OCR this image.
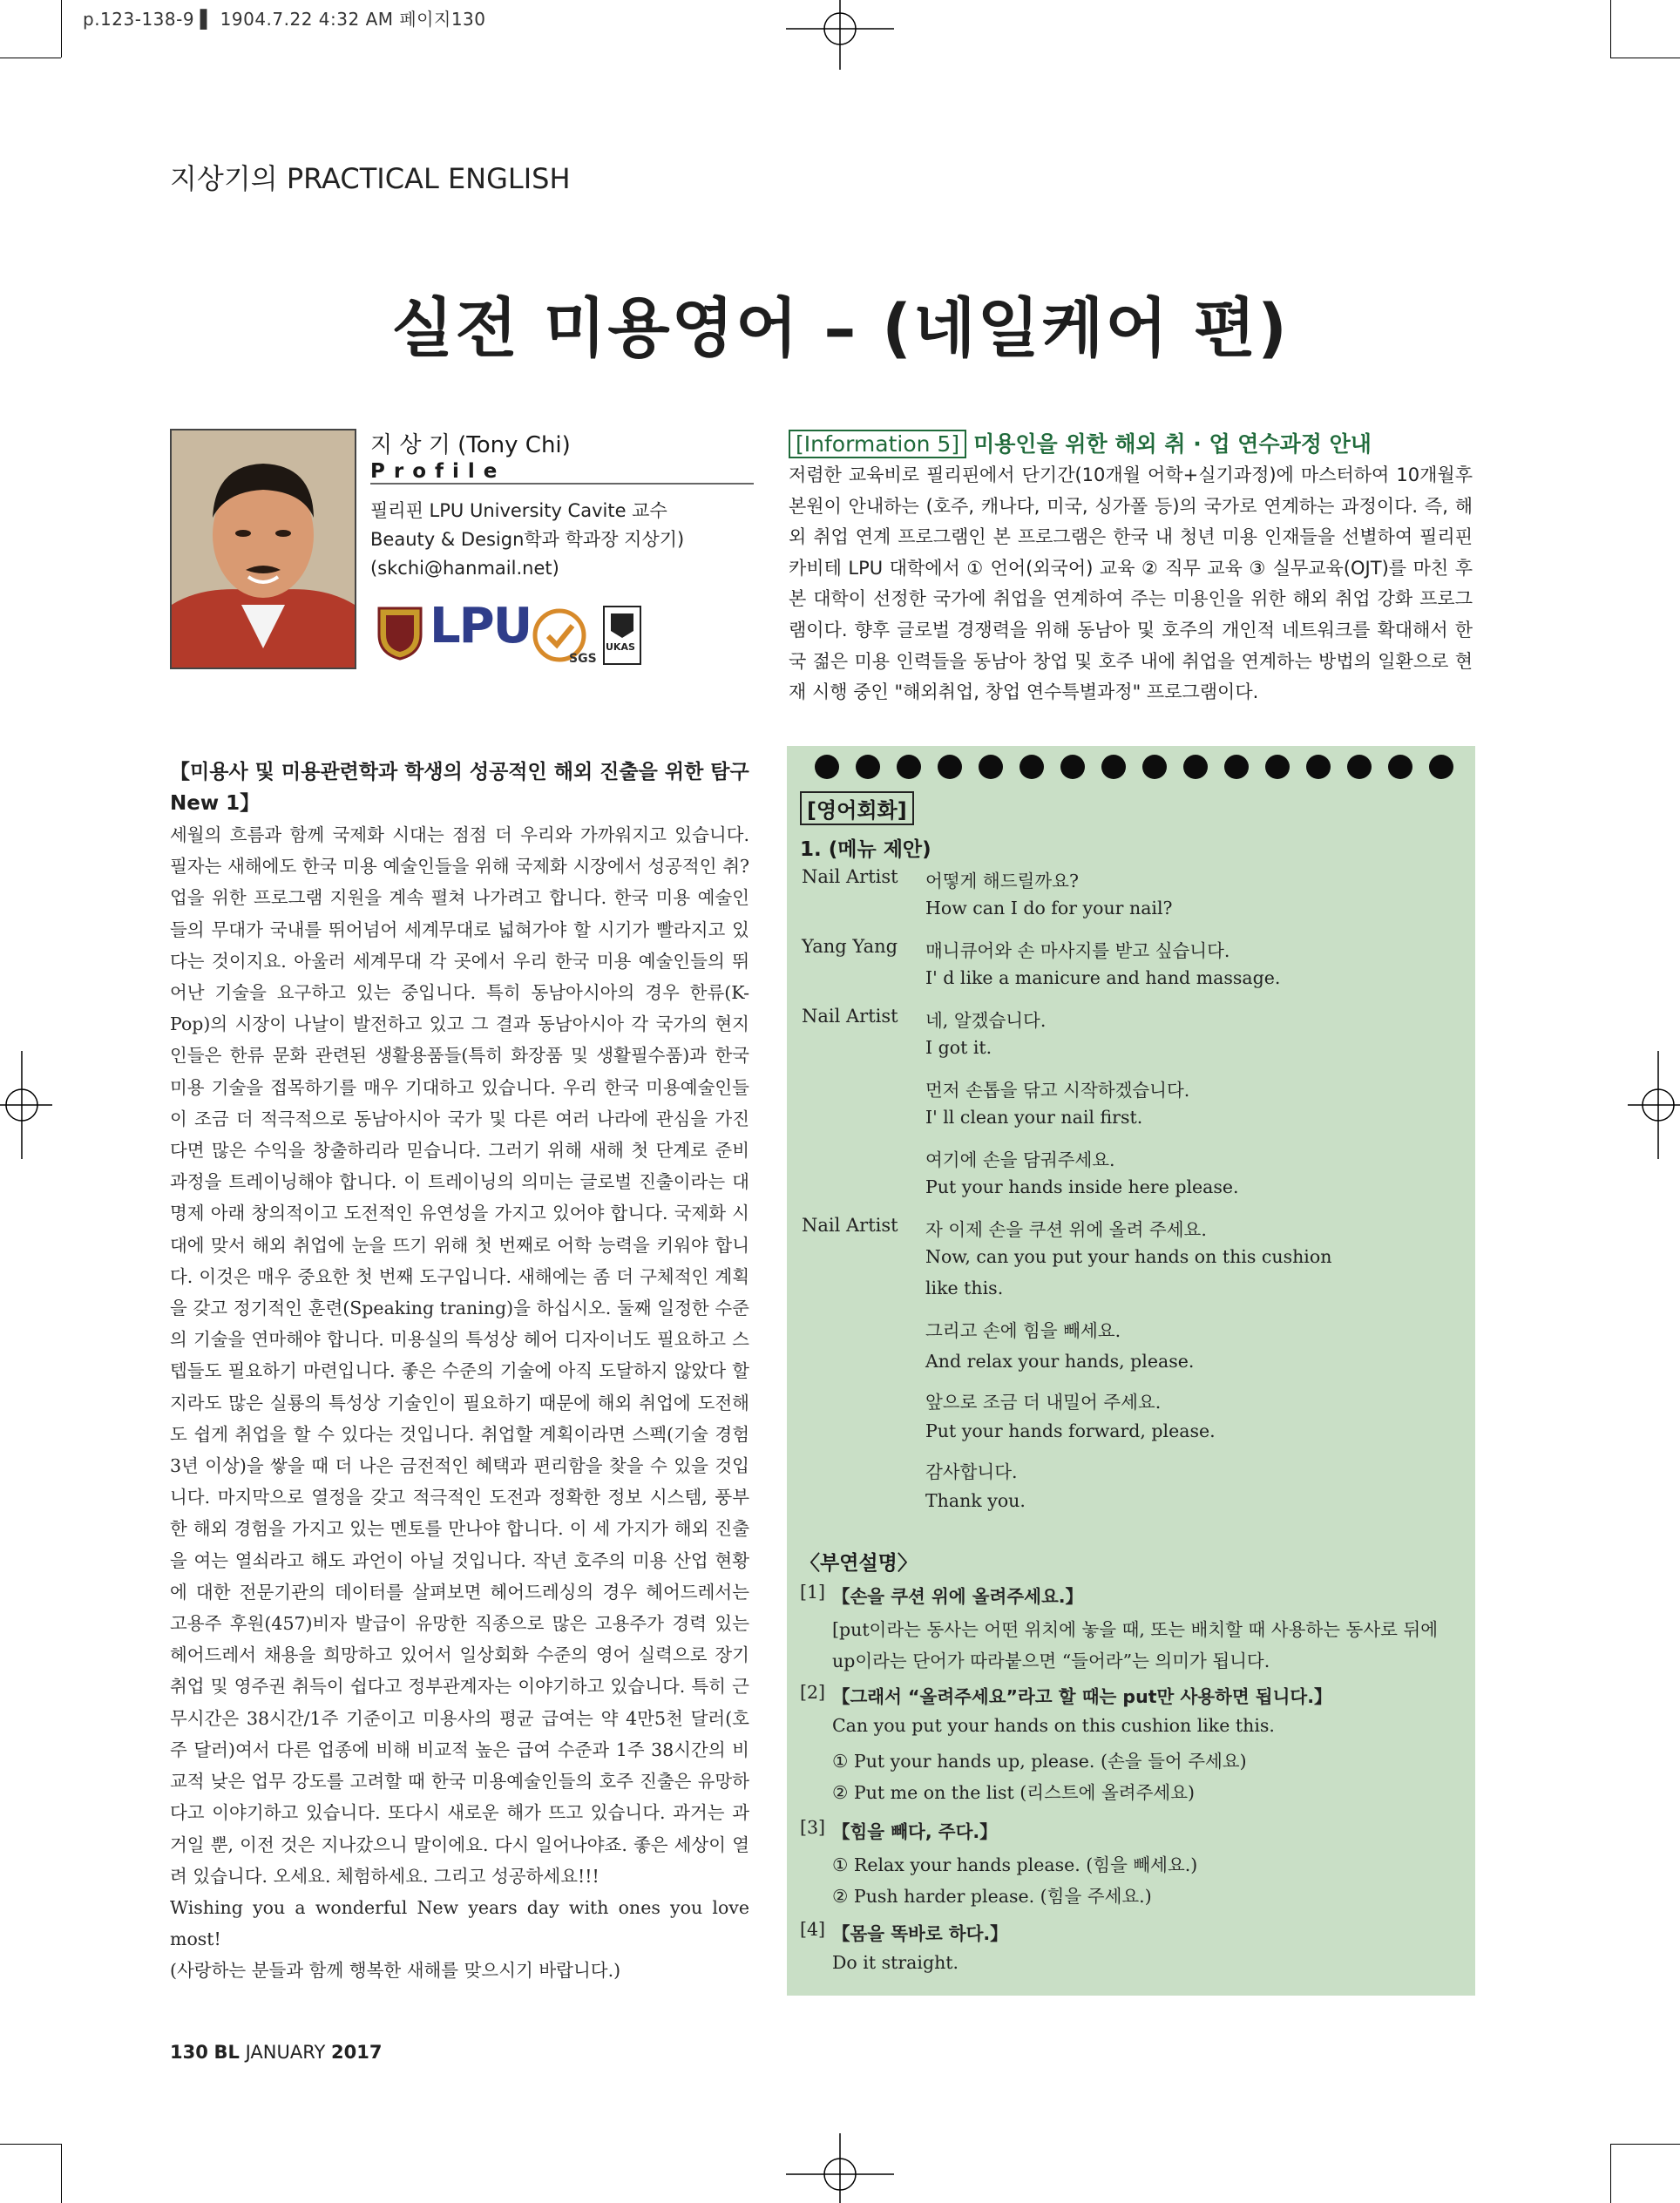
p.123-138-9 ▌ 1904.7.22 4:32 AM 페이지130
지상기의 PRACTICAL ENGLISH
실전 미용영어 – (네일케어 편)
지 상 기 (Tony Chi)
Profile
필리핀 LPU University Cavite 교수
Beauty & Design학과 학과장 지상기)
(skchi@hanmail.net)
LPU
SGS
UKAS
[Information 5] 미용인을 위한 해외 취 · 업 연수과정 안내
저렴한 교육비로 필리핀에서 단기간(10개월 어학+실기과정)에 마스터하여 10개월후 본원이 안내하는 (호주, 캐나다, 미국, 싱가폴 등)의 국가로 연계하는 과정이다. 즉, 해외 취업 연계 프로그램인 본 프로그램은 한국 내 청년 미용 인재들을 선별하여 필리핀 카비테 LPU 대학에서 ① 언어(외국어) 교육 ② 직무 교육 ③ 실무교육(OJT)를 마친 후 본 대학이 선정한 국가에 취업을 연계하여 주는 미용인을 위한 해외 취업 강화 프로그램이다. 향후 글로벌 경쟁력을 위해 동남아 및 호주의 개인적 네트워크를 확대해서 한국 젊은 미용 인력들을 동남아 창업 및 호주 내에 취업을 연계하는 방법의 일환으로 현재 시행 중인 "해외취업, 창업 연수특별과정" 프로그램이다.
【미용사 및 미용관련학과 학생의 성공적인 해외 진출을 위한 탐구 New 1】

세월의 흐름과 함께 국제화 시대는 점점 더 우리와 가까워지고 있습니다. 필자는 새해에도 한국 미용 예술인들을 위해 국제화 시장에서 성공적인 취?업을 위한 프로그램 지원을 계속 펼쳐 나가려고 합니다. 한국 미용 예술인들의 무대가 국내를 뛰어넘어 세계무대로 넓혀가야 할 시기가 빨라지고 있다는 것이지요. 아울러 세계무대 각 곳에서 우리 한국 미용 예술인들의 뛰어난 기술을 요구하고 있는 중입니다. 특히 동남아시아의 경우 한류(K-Pop)의 시장이 나날이 발전하고 있고 그 결과 동남아시아 각 국가의 현지인들은 한류 문화 관련된 생활용품들(특히 화장품 및 생활필수품)과 한국 미용 기술을 접목하기를 매우 기대하고 있습니다. 우리 한국 미용예술인들이 조금 더 적극적으로 동남아시아 국가 및 다른 여러 나라에 관심을 가진다면 많은 수익을 창출하리라 믿습니다. 그러기 위해 새해 첫 단계로 준비 과정을 트레이닝해야 합니다. 이 트레이닝의 의미는 글로벌 진출이라는 대명제 아래 창의적이고 도전적인 유연성을 가지고 있어야 합니다. 국제화 시대에 맞서 해외 취업에 눈을 뜨기 위해 첫 번째로 어학 능력을 키워야 합니다. 이것은 매우 중요한 첫 번째 도구입니다. 새해에는 좀 더 구체적인 계획을 갖고 정기적인 훈련(Speaking traning)을 하십시오. 둘째 일정한 수준의 기술을 연마해야 합니다. 미용실의 특성상 헤어 디자이너도 필요하고 스텝들도 필요하기 마련입니다. 좋은 수준의 기술에 아직 도달하지 않았다 할지라도 많은 실룡의 특성상 기술인이 필요하기 때문에 해외 취업에 도전해도 쉽게 취업을 할 수 있다는 것입니다. 취업할 계획이라면 스펙(기술 경험 3년 이상)을 쌓을 때 더 나은 금전적인 혜택과 편리함을 찾을 수 있을 것입니다. 마지막으로 열정을 갖고 적극적인 도전과 정확한 정보 시스템, 풍부한 해외 경험을 가지고 있는 멘토를 만나야 합니다. 이 세 가지가 해외 진출을 여는 열쇠라고 해도 과언이 아닐 것입니다. 작년 호주의 미용 산업 현황에 대한 전문기관의 데이터를 살펴보면 헤어드레싱의 경우 헤어드레서는 고용주 후원(457)비자 발급이 유망한 직종으로 많은 고용주가 경력 있는 헤어드레서 채용을 희망하고 있어서 일상회화 수준의 영어 실력으로 장기 취업 및 영주권 취득이 쉽다고 정부관계자는 이야기하고 있습니다. 특히 근무시간은 38시간/1주 기준이고 미용사의 평균 급여는 약 4만5천 달러(호주 달러)여서 다른 업종에 비해 비교적 높은 급여 수준과 1주 38시간의 비교적 낮은 업무 강도를 고려할 때 한국 미용예술인들의 호주 진출은 유망하다고 이야기하고 있습니다. 또다시 새로운 해가 뜨고 있습니다. 과거는 과거일 뿐, 이전 것은 지나갔으니 말이에요. 다시 일어나야죠. 좋은 세상이 열려 있습니다. 오세요. 체험하세요. 그리고 성공하세요!!!

Wishing you a wonderful New years day with ones you love most!

(사랑하는 분들과 함께 행복한 새해를 맞으시기 바랍니다.)

[영어회화]
1. (메뉴 제안)
Nail Artist 어떻게 해드릴까요?
How can I do for your nail?
Yang Yang 매니큐어와 손 마사지를 받고 싶습니다.
I' d like a manicure and hand massage.
Nail Artist 네, 알겠습니다.
I got it.
먼저 손톱을 닦고 시작하겠습니다.
I' ll clean your nail first.
여기에 손을 담궈주세요.
Put your hands inside here please.
Nail Artist 자 이제 손을 쿠션 위에 올려 주세요.
Now, can you put your hands on this cushion
like this.
그리고 손에 힘을 빼세요.
And relax your hands, please.
앞으로 조금 더 내밀어 주세요.
Put your hands forward, please.
감사합니다.
Thank you.
〈부연설명〉
[1] 【손을 쿠션 위에 올려주세요.】
[put이라는 동사는 어떤 위치에 놓을 때, 또는 배치할 때 사용하는 동사로 뒤에
up이라는 단어가 따라붙으면 “들어라”는 의미가 됩니다.
[2] 【그래서 “올려주세요”라고 할 때는 put만 사용하면 됩니다.】
Can you put your hands on this cushion like this.
① Put your hands up, please. (손을 들어 주세요)
② Put me on the list (리스트에 올려주세요)
[3] 【힘을 빼다, 주다.】
① Relax your hands please. (힘을 빼세요.)
② Push harder please. (힘을 주세요.)
[4] 【몸을 똑바로 하다.】
Do it straight.
130 BL JANUARY 2017
